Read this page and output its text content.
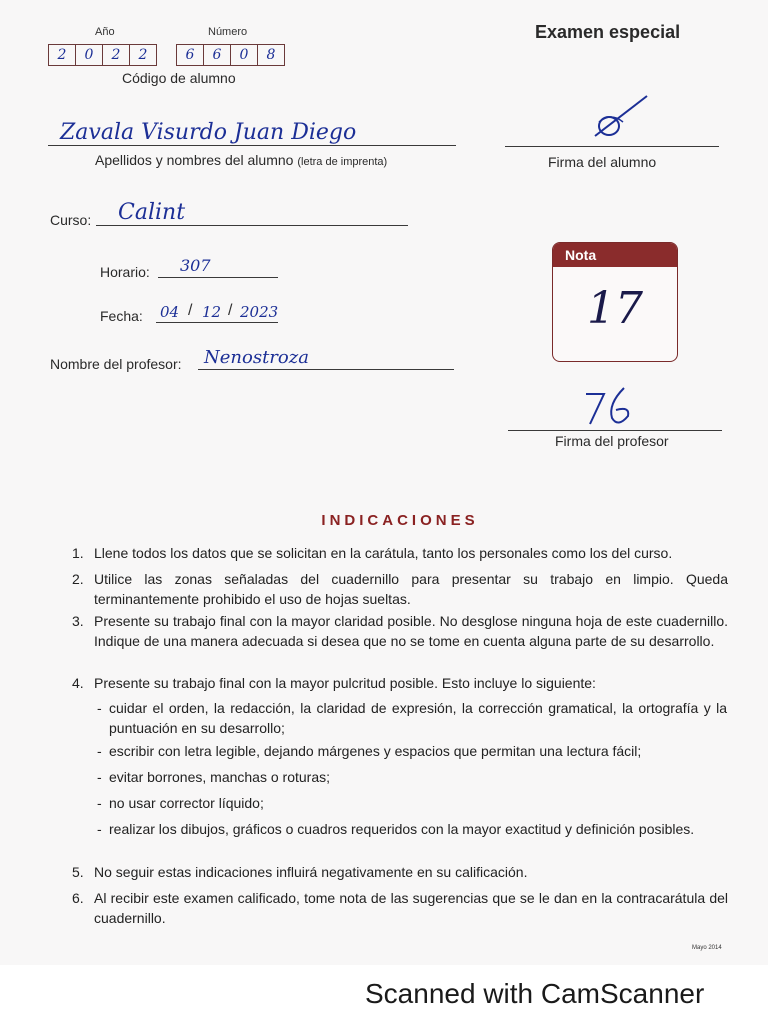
Año	Número
2	0	2	2	6	6	0	8
Código de alumno
Examen especial
Zavala Visurdo Juan Diego
Apellidos y nombres del alumno (letra de imprenta)	Firma del alumno
Curso: Calint
Horario: 307
Fecha: 04 / 12 / 2023
Nombre del profesor: Nenostroza
Nota
17
Firma del profesor
INDICACIONES
1. Llene todos los datos que se solicitan en la carátula, tanto los personales como los del curso.
2. Utilice las zonas señaladas del cuadernillo para presentar su trabajo en limpio. Queda terminantemente prohibido el uso de hojas sueltas.
3. Presente su trabajo final con la mayor claridad posible. No desglose ninguna hoja de este cuadernillo. Indique de una manera adecuada si desea que no se tome en cuenta alguna parte de su desarrollo.
4. Presente su trabajo final con la mayor pulcritud posible. Esto incluye lo siguiente:
- cuidar el orden, la redacción, la claridad de expresión, la corrección gramatical, la ortografía y la puntuación en su desarrollo;
- escribir con letra legible, dejando márgenes y espacios que permitan una lectura fácil;
- evitar borrones, manchas o roturas;
- no usar corrector líquido;
- realizar los dibujos, gráficos o cuadros requeridos con la mayor exactitud y definición posibles.
5. No seguir estas indicaciones influirá negativamente en su calificación.
6. Al recibir este examen calificado, tome nota de las sugerencias que se le dan en la contracarátula del cuadernillo.
Mayo 2014
Scanned with CamScanner
